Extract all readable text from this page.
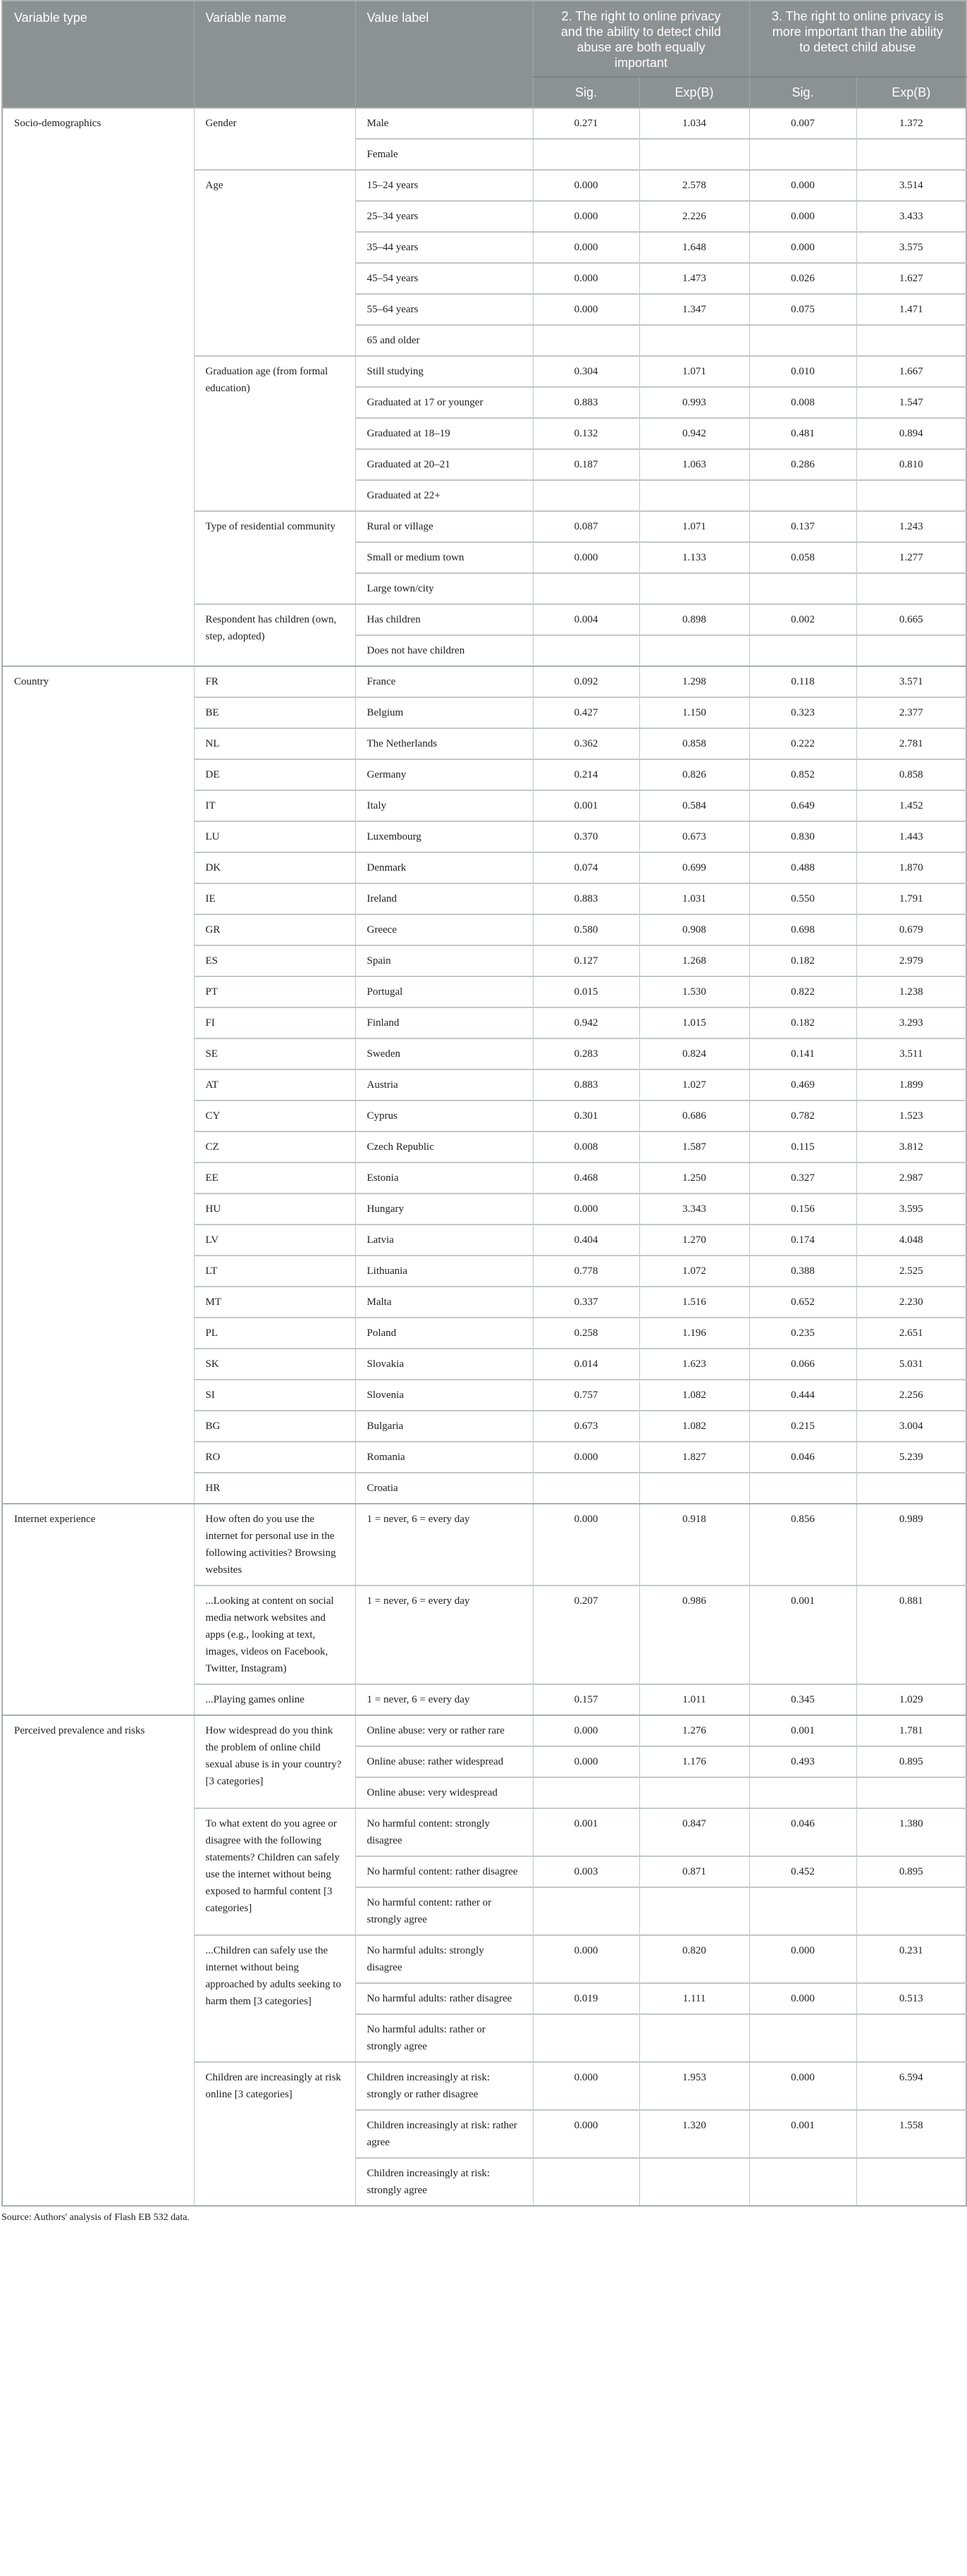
Variable type	Variable name	Value label	2. The right to online privacy and the ability to detect child abuse are both equally important		3. The right to online privacy is more important than the ability to detect child abuse	
			Sig.	Exp(B)	Sig.	Exp(B)
Socio-demographics	Gender	Male	0.271	1.034	0.007	1.372
		Female				
	Age	15–24 years	0.000	2.578	0.000	3.514
		25–34 years	0.000	2.226	0.000	3.433
		35–44 years	0.000	1.648	0.000	3.575
		45–54 years	0.000	1.473	0.026	1.627
		55–64 years	0.000	1.347	0.075	1.471
		65 and older				
	Graduation age (from formal education)	Still studying	0.304	1.071	0.010	1.667
		Graduated at 17 or younger	0.883	0.993	0.008	1.547
		Graduated at 18–19	0.132	0.942	0.481	0.894
		Graduated at 20–21	0.187	1.063	0.286	0.810
		Graduated at 22+				
	Type of residential community	Rural or village	0.087	1.071	0.137	1.243
		Small or medium town	0.000	1.133	0.058	1.277
		Large town/city				
	Respondent has children (own, step, adopted)	Has children	0.004	0.898	0.002	0.665
		Does not have children				
Country	FR	France	0.092	1.298	0.118	3.571
	BE	Belgium	0.427	1.150	0.323	2.377
	NL	The Netherlands	0.362	0.858	0.222	2.781
	DE	Germany	0.214	0.826	0.852	0.858
	IT	Italy	0.001	0.584	0.649	1.452
	LU	Luxembourg	0.370	0.673	0.830	1.443
	DK	Denmark	0.074	0.699	0.488	1.870
	IE	Ireland	0.883	1.031	0.550	1.791
	GR	Greece	0.580	0.908	0.698	0.679
	ES	Spain	0.127	1.268	0.182	2.979
	PT	Portugal	0.015	1.530	0.822	1.238
	FI	Finland	0.942	1.015	0.182	3.293
	SE	Sweden	0.283	0.824	0.141	3.511
	AT	Austria	0.883	1.027	0.469	1.899
	CY	Cyprus	0.301	0.686	0.782	1.523
	CZ	Czech Republic	0.008	1.587	0.115	3.812
	EE	Estonia	0.468	1.250	0.327	2.987
	HU	Hungary	0.000	3.343	0.156	3.595
	LV	Latvia	0.404	1.270	0.174	4.048
	LT	Lithuania	0.778	1.072	0.388	2.525
	MT	Malta	0.337	1.516	0.652	2.230
	PL	Poland	0.258	1.196	0.235	2.651
	SK	Slovakia	0.014	1.623	0.066	5.031
	SI	Slovenia	0.757	1.082	0.444	2.256
	BG	Bulgaria	0.673	1.082	0.215	3.004
	RO	Romania	0.000	1.827	0.046	5.239
	HR	Croatia				
Internet experience	How often do you use the internet for personal use in the following activities? Browsing websites	1 = never, 6 = every day	0.000	0.918	0.856	0.989
	...Looking at content on social media network websites and apps (e.g., looking at text, images, videos on Facebook, Twitter, Instagram)	1 = never, 6 = every day	0.207	0.986	0.001	0.881
	...Playing games online	1 = never, 6 = every day	0.157	1.011	0.345	1.029
Perceived prevalence and risks	How widespread do you think the problem of online child sexual abuse is in your country? [3 categories]	Online abuse: very or rather rare	0.000	1.276	0.001	1.781
		Online abuse: rather widespread	0.000	1.176	0.493	0.895
		Online abuse: very widespread				
	To what extent do you agree or disagree with the following statements? Children can safely use the internet without being exposed to harmful content [3 categories]	No harmful content: strongly disagree	0.001	0.847	0.046	1.380
		No harmful content: rather disagree	0.003	0.871	0.452	0.895
		No harmful content: rather or strongly agree				
	...Children can safely use the internet without being approached by adults seeking to harm them [3 categories]	No harmful adults: strongly disagree	0.000	0.820	0.000	0.231
		No harmful adults: rather disagree	0.019	1.111	0.000	0.513
		No harmful adults: rather or strongly agree				
	Children are increasingly at risk online [3 categories]	Children increasingly at risk: strongly or rather disagree	0.000	1.953	0.000	6.594
		Children increasingly at risk: rather agree	0.000	1.320	0.001	1.558
		Children increasingly at risk: strongly agree				
Source: Authors' analysis of Flash EB 532 data.
